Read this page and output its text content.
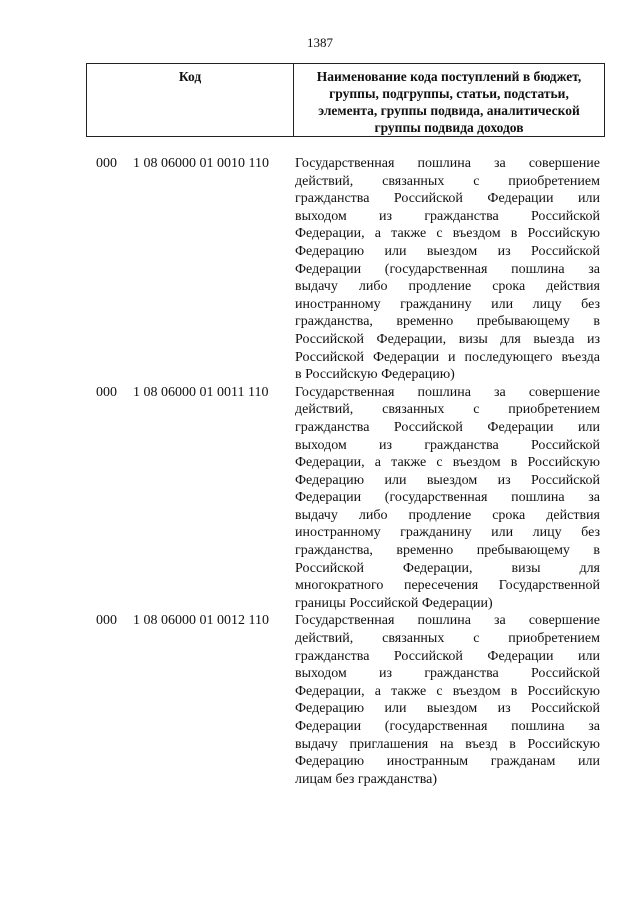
1387
Код	Наименование кода поступлений в бюджет,
группы, подгруппы, статьи, подстатьи,
элемента, группы подвида, аналитической
группы подвида доходов
000 1 08 06000 01 0010 110 Государственная пошлина за совершение
действий, связанных с приобретением
гражданства Российской Федерации или
выходом из гражданства Российской
Федерации, а также с въездом в Российскую
Федерацию или выездом из Российской
Федерации (государственная пошлина за
выдачу либо продление срока действия
иностранному гражданину или лицу без
гражданства, временно пребывающему в
Российской Федерации, визы для выезда из
Российской Федерации и последующего въезда
в Российскую Федерацию)
000 1 08 06000 01 0011 110 Государственная пошлина за совершение
действий, связанных с приобретением
гражданства Российской Федерации или
выходом из гражданства Российской
Федерации, а также с въездом в Российскую
Федерацию или выездом из Российской
Федерации (государственная пошлина за
выдачу либо продление срока действия
иностранному гражданину или лицу без
гражданства, временно пребывающему в
Российской Федерации, визы для
многократного пересечения Государственной
границы Российской Федерации)
000 1 08 06000 01 0012 110 Государственная пошлина за совершение
действий, связанных с приобретением
гражданства Российской Федерации или
выходом из гражданства Российской
Федерации, а также с въездом в Российскую
Федерацию или выездом из Российской
Федерации (государственная пошлина за
выдачу приглашения на въезд в Российскую
Федерацию иностранным гражданам или
лицам без гражданства)
